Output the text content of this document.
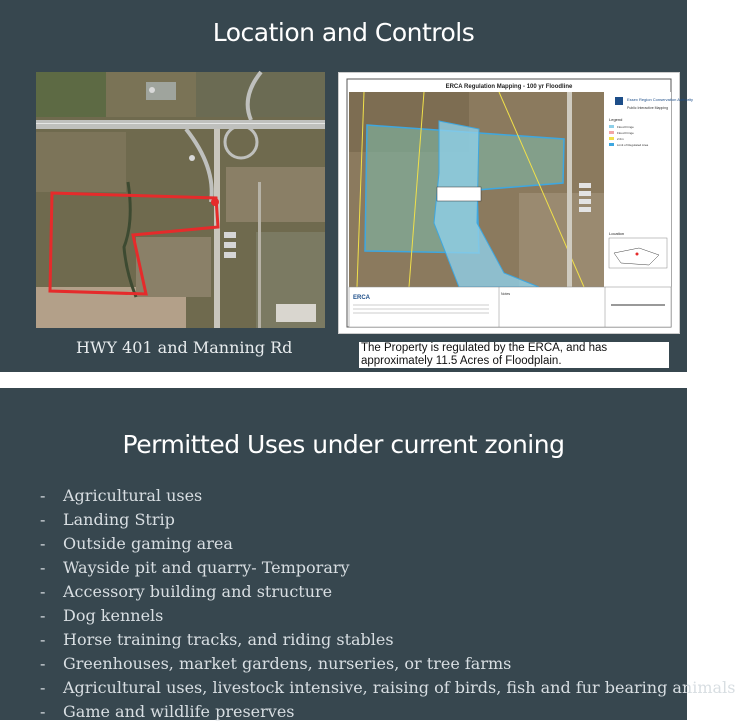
Location and Controls
HWY 401 and Manning Rd
ERCA Regulation Mapping - 100 yr Floodline
Essex Region Conservation Authority
Public Interactive Mapping
Legend
Flood Fringe
Flood Fringe
2.0m
Limit of Regulated Area
Location
ERCA
Notes
The Property is regulated by the ERCA, and has approximately 11.5 Acres of Floodplain.
Permitted Uses under current zoning
- Agricultural uses
- Landing Strip
- Outside gaming area
- Wayside pit and quarry- Temporary
- Accessory building and structure
- Dog kennels
- Horse training tracks, and riding stables
- Greenhouses, market gardens, nurseries, or tree farms
- Agricultural uses, livestock intensive, raising of birds, fish and fur bearing animals
- Game and wildlife preserves
